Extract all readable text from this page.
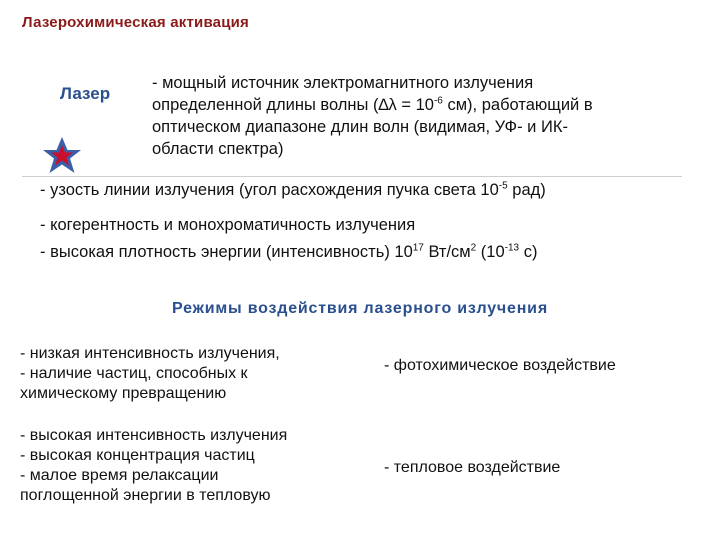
Лазерохимическая активация
Лазер
- мощный источник электромагнитного излучения
определенной длины волны ($\Delta\lambda = 10^{-6}$ см), работающий в
оптическом диапазоне длин волн (видимая, УФ- и ИК-
области спектра)
- узость линии излучения (угол расхождения пучка света $10^{-5}$ рад)
- когерентность и монохроматичность излучения
- высокая плотность энергии (интенсивность) $10^{17}$ $Вт/см^2$ ($10^{-13}$ с)
Режимы воздействия лазерного излучения
- низкая интенсивность излучения,
- наличие частиц, способных к
химическому превращению
- фотохимическое воздействие
- высокая интенсивность излучения
- высокая концентрация частиц
- малое время релаксации
поглощенной энергии в тепловую
- тепловое воздействие
